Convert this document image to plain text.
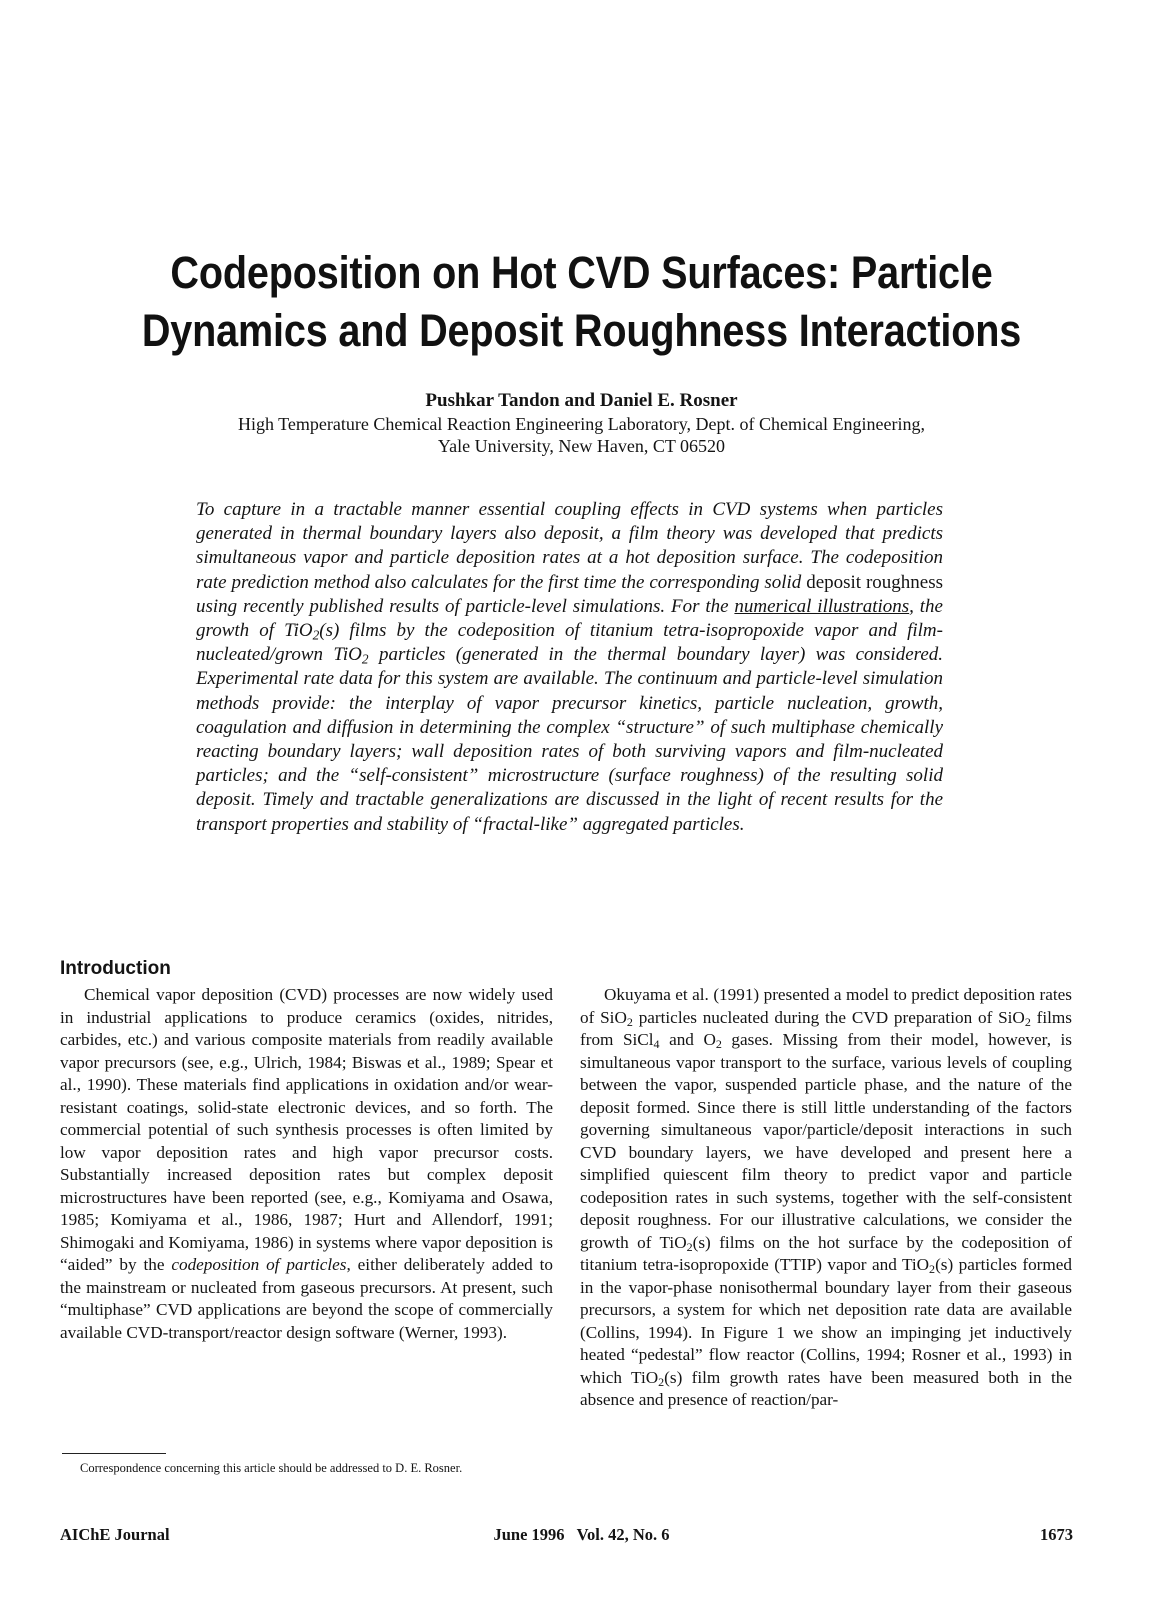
Codeposition on Hot CVD Surfaces: Particle
Dynamics and Deposit Roughness Interactions
Pushkar Tandon and Daniel E. Rosner
High Temperature Chemical Reaction Engineering Laboratory, Dept. of Chemical Engineering,
Yale University, New Haven, CT 06520
To capture in a tractable manner essential coupling effects in CVD systems when particles generated in thermal boundary layers also deposit, a film theory was developed that predicts simultaneous vapor and particle deposition rates at a hot deposition surface. The codeposition rate prediction method also calculates for the first time the corresponding solid deposit roughness using recently published results of particle-level simulations. For the numerical illustrations, the growth of TiO$_2$(s) films by the codeposition of titanium tetra-isopropoxide vapor and film-nucleated/grown TiO$_2$ particles (generated in the thermal boundary layer) was considered. Experimental rate data for this system are available. The continuum and particle-level simulation methods provide: the interplay of vapor precursor kinetics, particle nucleation, growth, coagulation and diffusion in determining the complex “structure” of such multiphase chemically reacting boundary layers; wall deposition rates of both surviving vapors and film-nucleated particles; and the “self-consistent” microstructure (surface roughness) of the resulting solid deposit. Timely and tractable generalizations are discussed in the light of recent results for the transport properties and stability of “fractal-like” aggregated particles.
Introduction

Chemical vapor deposition (CVD) processes are now widely used in industrial applications to produce ceramics (oxides, nitrides, carbides, etc.) and various composite materials from readily available vapor precursors (see, e.g., Ulrich, 1984; Biswas et al., 1989; Spear et al., 1990). These materials find applications in oxidation and/or wear-resistant coatings, solid-state electronic devices, and so forth. The commercial potential of such synthesis processes is often limited by low vapor deposition rates and high vapor precursor costs. Substantially increased deposition rates but complex deposit microstructures have been reported (see, e.g., Komiyama and Osawa, 1985; Komiyama et al., 1986, 1987; Hurt and Allendorf, 1991; Shimogaki and Komiyama, 1986) in systems where vapor deposition is “aided” by the codeposition of particles, either deliberately added to the mainstream or nucleated from gaseous precursors. At present, such “multiphase” CVD applications are beyond the scope of commercially available CVD-transport/reactor design software (Werner, 1993).

Okuyama et al. (1991) presented a model to predict deposition rates of SiO$_2$ particles nucleated during the CVD preparation of SiO$_2$ films from SiCl$_4$ and $O_2$ gases. Missing from their model, however, is simultaneous vapor transport to the surface, various levels of coupling between the vapor, suspended particle phase, and the nature of the deposit formed. Since there is still little understanding of the factors governing simultaneous vapor/particle/deposit interactions in such CVD boundary layers, we have developed and present here a simplified quiescent film theory to predict vapor and particle codeposition rates in such systems, together with the self-consistent deposit roughness. For our illustrative calculations, we consider the growth of TiO$_2$(s) films on the hot surface by the codeposition of titanium tetra-isopropoxide (TTIP) vapor and TiO$_2$(s) particles formed in the vapor-phase nonisothermal boundary layer from their gaseous precursors, a system for which net deposition rate data are available (Collins, 1994). In Figure 1 we show an impinging jet inductively heated “pedestal” flow reactor (Collins, 1994; Rosner et al., 1993) in which TiO$_2$(s) film growth rates have been measured both in the absence and presence of reaction/par-

Correspondence concerning this article should be addressed to D. E. Rosner.
AIChE Journal	June 1996   Vol. 42, No. 6	1673
